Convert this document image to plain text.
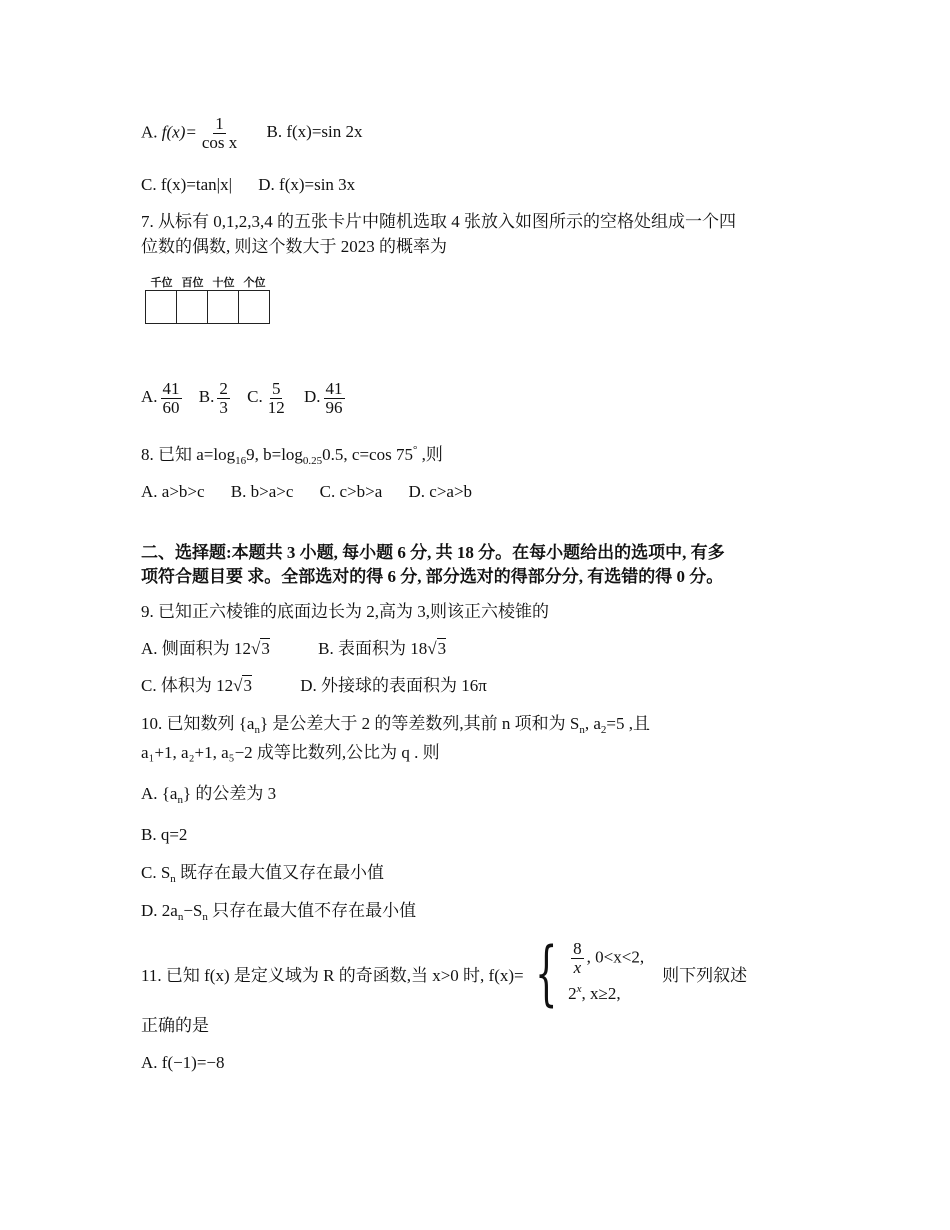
A. $f(x)= \frac{1}{\text{cos x}} B$. f(x)=sin 2x
C. f(x)=tan|x| D. f(x)=sin 3x
7. 从标有 0,1,2,3,4 的五张卡片中随机选取 4 张放入如图所示的空格处组成一个四
位数的偶数, 则这个数大于 2023 的概率为
千位 百位 十位 个位
A. $\frac{41}{60} B$. $\frac{2}{3} C$. $\frac{5}{12} D$. $\frac{41}{96}$
8. 已知 $a=\log_{16}9$, $b=\log_{0.25}0.5$, c=cos 75° ,则
A. a>b>c B. b>a>c C. c>b>a D. c>a>b
二、选择题:本题共 3 小题, 每小题 6 分, 共 18 分。在每小题给出的选项中, 有多
项符合题目要 求。全部选对的得 6 分, 部分选对的得部分分, 有选错的得 0 分。
9. 已知正六棱锥的底面边长为 2,高为 3,则该正六棱锥的
A. 侧面积为 12√3	B. 表面积为 18√3
C. 体积为 12√3	D. 外接球的表面积为 16π
10. 已知数列 $\{a_n\}$ 是公差大于 2 的等差数列,其前 n 项和为 $S_n$, $a_2=5$ ,且
a₁+1, a₂+1, a₅−2 成等比数列,公比为 q . 则
A. $\{a_n\}$ 的公差为 3
B. q=2
C. $S_n$ 既存在最大值又存在最小值
D. $2a_n-S_n$ 只存在最大值不存在最小值
11. 已知 f(x) 是定义域为 R 的奇函数,当 x>0 时, f(x)= { $\frac{8}{x}$ , 0<x<2,
2$^x$, x≥2,
则下列叙述
正确的是
A. f(−1)=−8
